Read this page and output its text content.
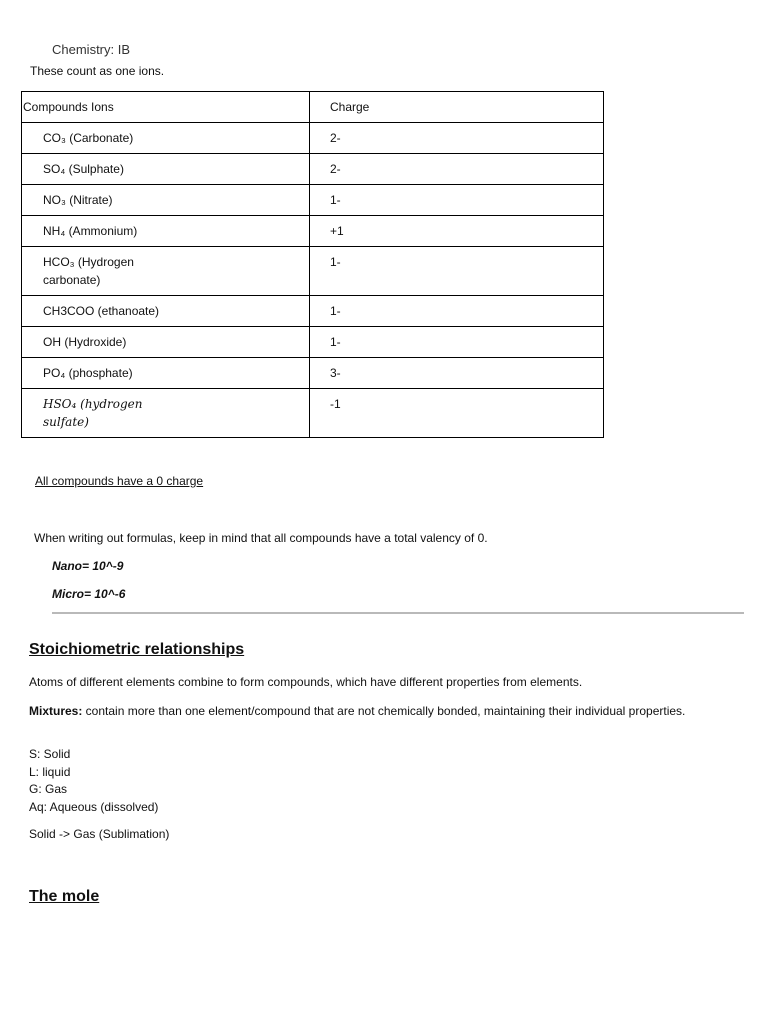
Chemistry: IB
These count as one ions.
Compounds Ions	Charge

CO₃ (Carbonate)	2-

SO₄ (Sulphate)	2-

NO₃ (Nitrate)	1-

NH₄ (Ammonium)	+1

HCO₃ (Hydrogen carbonate)	1-

CH3COO (ethanoate)	1-

OH (Hydroxide)	1-

PO₄ (phosphate)	3-

HSO₄ (hydrogen sulfate)	-1
All compounds have a 0 charge
When writing out formulas, keep in mind that all compounds have a total valency of 0.
Nano= 10^-9
Micro= 10^-6
Stoichiometric relationships
Atoms of different elements combine to form compounds, which have different properties from elements.
Mixtures: contain more than one element/compound that are not chemically bonded, maintaining their individual properties.
S: Solid
L: liquid
G: Gas
Aq: Aqueous (dissolved)
Solid -> Gas (Sublimation)
The mole
